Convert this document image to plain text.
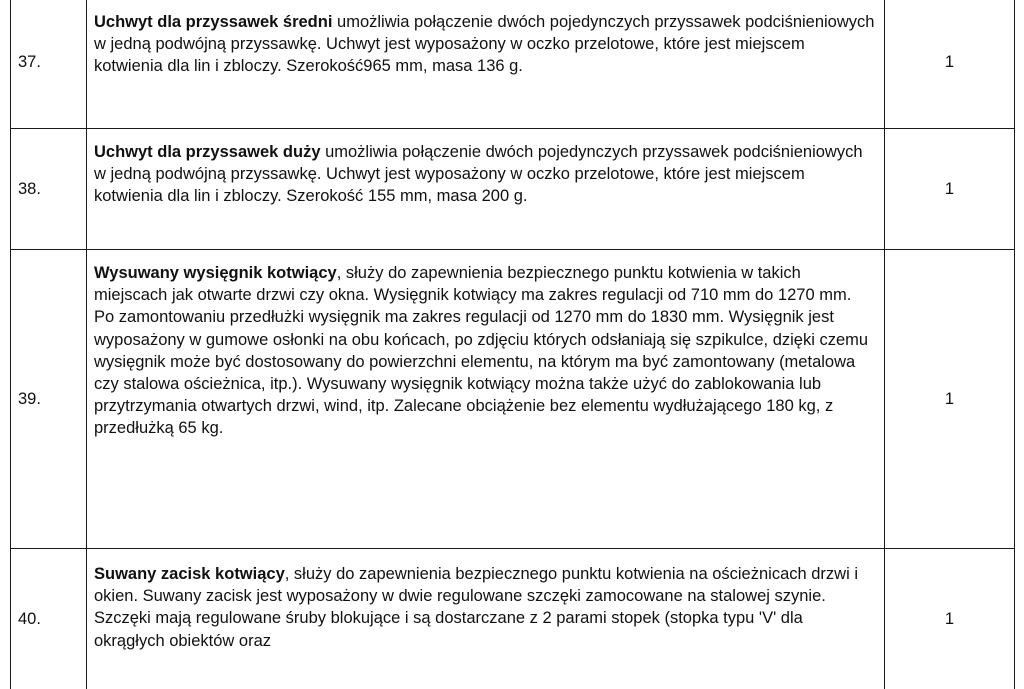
37.
Uchwyt dla przyssawek średni umożliwia połączenie dwóch pojedynczych przyssawek podciśnieniowych w jedną podwójną przyssawkę. Uchwyt jest wyposażony w oczko przelotowe, które jest miejscem kotwienia dla lin i zbloczy. Szerokość965 mm, masa 136 g.	1
38.
Uchwyt dla przyssawek duży umożliwia połączenie dwóch pojedynczych przyssawek podciśnieniowych w jedną podwójną przyssawkę. Uchwyt jest wyposażony w oczko przelotowe, które jest miejscem kotwienia dla lin i zbloczy. Szerokość 155 mm, masa 200 g.	1
39.
Wysuwany wysięgnik kotwiący, służy do zapewnienia bezpiecznego punktu kotwienia w takich miejscach jak otwarte drzwi czy okna. Wysięgnik kotwiący ma zakres regulacji od 710 mm do 1270 mm. Po zamontowaniu przedłużki wysięgnik ma zakres regulacji od 1270 mm do 1830 mm. Wysięgnik jest wyposażony w gumowe osłonki na obu końcach, po zdjęciu których odsłaniają się szpikulce, dzięki czemu wysięgnik może być dostosowany do powierzchni elementu, na którym ma być zamontowany (metalowa czy stalowa ościeżnica, itp.). Wysuwany wysięgnik kotwiący można także użyć do zablokowania lub przytrzymania otwartych drzwi, wind, itp. Zalecane obciążenie bez elementu wydłużającego 180 kg, z przedłużką 65 kg.
1
40.
Suwany zacisk kotwiący, służy do zapewnienia bezpiecznego punktu kotwienia na ościeżnicach drzwi i okien. Suwany zacisk jest wyposażony w dwie regulowane szczęki zamocowane na stalowej szynie. Szczęki mają regulowane śruby blokujące i są dostarczane z 2 parami stopek (stopka typu 'V' dla okrągłych obiektów oraz
1
